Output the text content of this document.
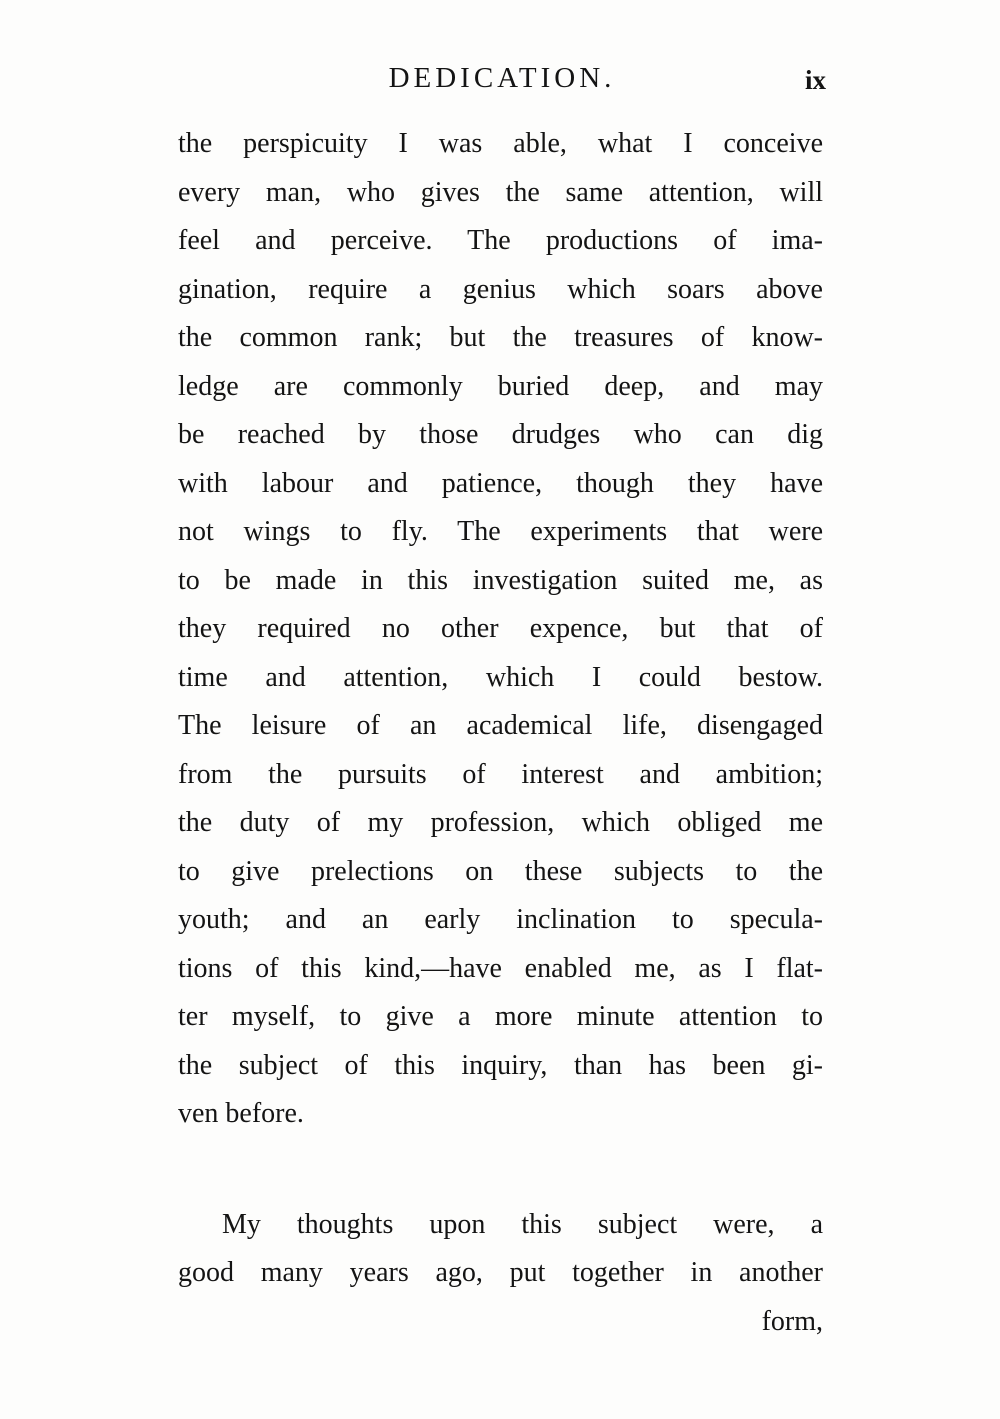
DEDICATION.	ix
the perspicuity I was able, what I conceive
every man, who gives the same attention, will
feel and perceive. The productions of ima-
gination, require a genius which soars above
the common rank; but the treasures of know-
ledge are commonly buried deep, and may
be reached by those drudges who can dig
with labour and patience, though they have
not wings to fly. The experiments that were
to be made in this investigation suited me, as
they required no other expence, but that of
time and attention, which I could bestow.
The leisure of an academical life, disengaged
from the pursuits of interest and ambition;
the duty of my profession, which obliged me
to give prelections on these subjects to the
youth; and an early inclination to specula-
tions of this kind,—have enabled me, as I flat-
ter myself, to give a more minute attention to
the subject of this inquiry, than has been gi-
ven before.
My thoughts upon this subject were, a
good many years ago, put together in another
form,
